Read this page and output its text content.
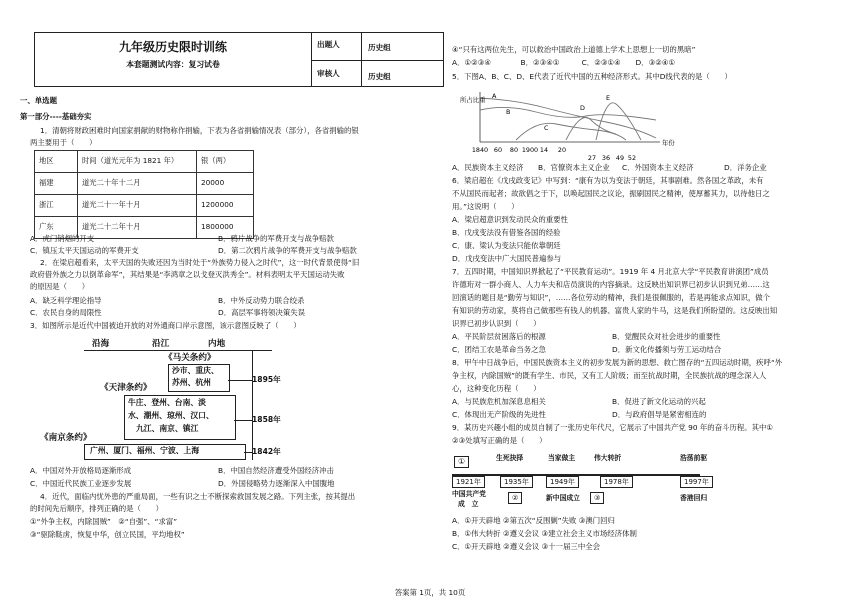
九年级历史限时训练
本套题测试内容：复习试卷
出题人	历史组
审核人	历史组
一、单选题
第一部分----基础夯实
1．清朝将财政困难时向国家捐献的财物称作捐输，下表为各省捐输情况表（部分），各省捐输的银
两主要用于（　　）
地区	时间（道光元年为 1821 年）	银（两）
福建	道光二十年十二月	20000
浙江	道光二十一年十月	1200000
广东	道光二十二年十月	1800000
A．虎门销烟的开支	B．鸦片战争的军费开支与战争赔款
C．镇压太平天国运动的军费开支	D．第二次鸦片战争的军费开支与战争赔款
2．在梁启超看来，太平天国的失败还因为当时处于“外族势力侵入之时代”，这一时代背景使得“旧
政府借外族之力以倒革命军”，其结果是“李鸿章之以戈登灭洪秀全”。材料表明太平天国运动失败
的原因是（　　）
A．缺乏科学理论指导	B．中外反动势力联合绞杀
C．农民自身的局限性	D．高层军事将领决策失误
3．如图所示是近代中国被迫开放的对外通商口岸示意图，该示意图反映了（　　）
沿海	沿江	内地
《马关条约》
沙市、重庆、
苏州、杭州	1895年
《天津条约》
牛庄、登州、台南、淡
水、潮州、琼州、汉口、
九江、南京、镇江
1858年
《南京条约》
广州、厦门、福州、宁波、上海	1842年
A．中国对外开放格局逐渐形成	B．中国自然经济遭受外国经济冲击
C．中国近代民族工业逐步发展	D．外国侵略势力逐渐深入中国腹地
4．近代，面临内忧外患的严重局面，一些有识之士不断探索救国发展之路。下列主张，按其提出
的时间先后顺序，排列正确的是（　　）
①“外争主权，内除国贼”　②“自强”、“求富”
③“驱除鞑虏，恢复中华，创立民国，平均地权”
④“只有这两位先生，可以救治中国政治上道德上学术上思想上一切的黑暗”
A．①②③④　　　　B．②③④①　　　C．②③①④　　D．③②④①
5．下图A、B、C、D、E代表了近代中国的五种经济形式。其中D线代表的是（　　）
所占比重
年份
A
B
C
D
E
1840 60 80 1900 14 20
27 36 49 52
A．民族资本主义经济 B．官僚资本主义企业 C．外国资本主义经济	D．洋务企业
6．梁启超在《戊戌政变记》中写到：“康有为以为变法于朝廷，其事剧难。然各国之革政，未有
不从国民而起者；故欲倡之于下，以唤起国民之议论，振刷国民之精神，使厚蓄其力，以待他日之
用。”这说明（　　）
A．梁启超意识到发动民众的重要性
B．戊戌变法没有借鉴各国的经验
C．康、梁认为变法只能依靠朝廷
D．戊戌变法中广大国民普遍参与
7．五四时期，中国知识界掀起了“平民教育运动”。1919 年 4 月北京大学“平民教育讲演团”成员
许德珩对一群小商人、人力车夫和店员演说的内容摘录。这反映出知识界已初步认识到兄弟……这
回演话的题目是“勤劳与知识”，……各位劳动的精神，我们是很佩服的，若是再能求点知识，做个
有知识的劳动家，莫将自己做那些有钱人的机器、富贵人家的牛马，这是我们所盼望的。这反映出知
识界已初步认识到（　　）
A．平民阶层贫困落后的根源	B．觉醒民众对社会进步的重要性
C．团结工农是革命当务之急	D．新文化传播须与劳工运动结合
8．甲午中日战争后，中国民族资本主义的初步发展为新的思想、救亡图存的“五四运动时期，疾呼“外
争主权，内除国贼”的既有学生、市民，又有工人阶级；而至抗战时期，全民族抗战的理念深入人
心，这种变化历程（　　）
A．与民族危机加深息息相关	B．促进了新文化运动的兴起
C．体现出无产阶级的先进性	D．与政府倡导是紧密相连的
9．某历史兴趣小组的成员自制了一张历史年代尺，它展示了中国共产党 90 年的奋斗历程。其中①
②③处填写正确的是（　　）
①	生死抉择	当家做主	伟大转折
1921年	1935年	1949年	1978年
中国共产党
成　立
②	新中国成立	③
浩荡前驱
1997年
香港回归
A．①开天辟地 ②第五次“反围剿”失败 ③澳门回归
B．①伟大转折 ②遵义会议 ③建立社会主义市场经济体制
C．①开天辟地 ②遵义会议 ③十一届三中全会
答案第 1页，共 10页
